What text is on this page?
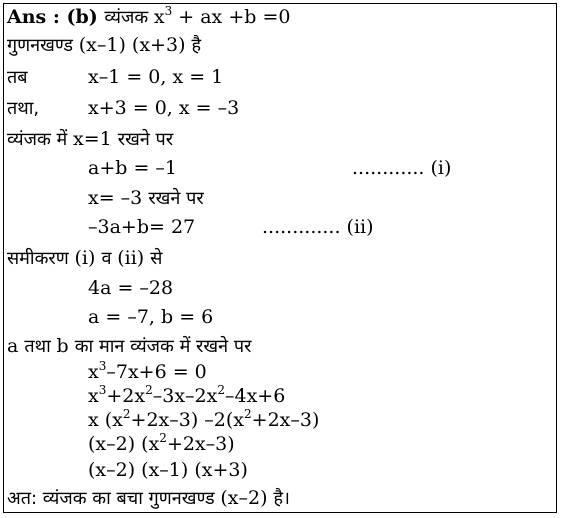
Ans : (b) व्यंजक $x^3$ + ax +b =0
गुणनखण्ड (x–1) (x+3) है
तब	x–1 = 0, x = 1
तथा,	x+3 = 0, x = –3
व्यंजक में x=1 रखने पर
a+b = –1	............ (i)
x= –3 रखने पर
–3a+b= 27	............. (ii)
समीकरण (i) व (ii) से
4a = –28
a = –7, b = 6
a तथा b का मान व्यंजक में रखने पर
$x^3-7x+6 = 0$
$x^3+2x^2-3x-2x^2-4x+6$
x $(x^2+2x-3)$ $-2(x^2+2x-3)$
(x–2) $(x^2+2x-3)$
(x–2) (x–1) (x+3)
अत: व्यंजक का बचा गुणनखण्ड (x–2) है।
